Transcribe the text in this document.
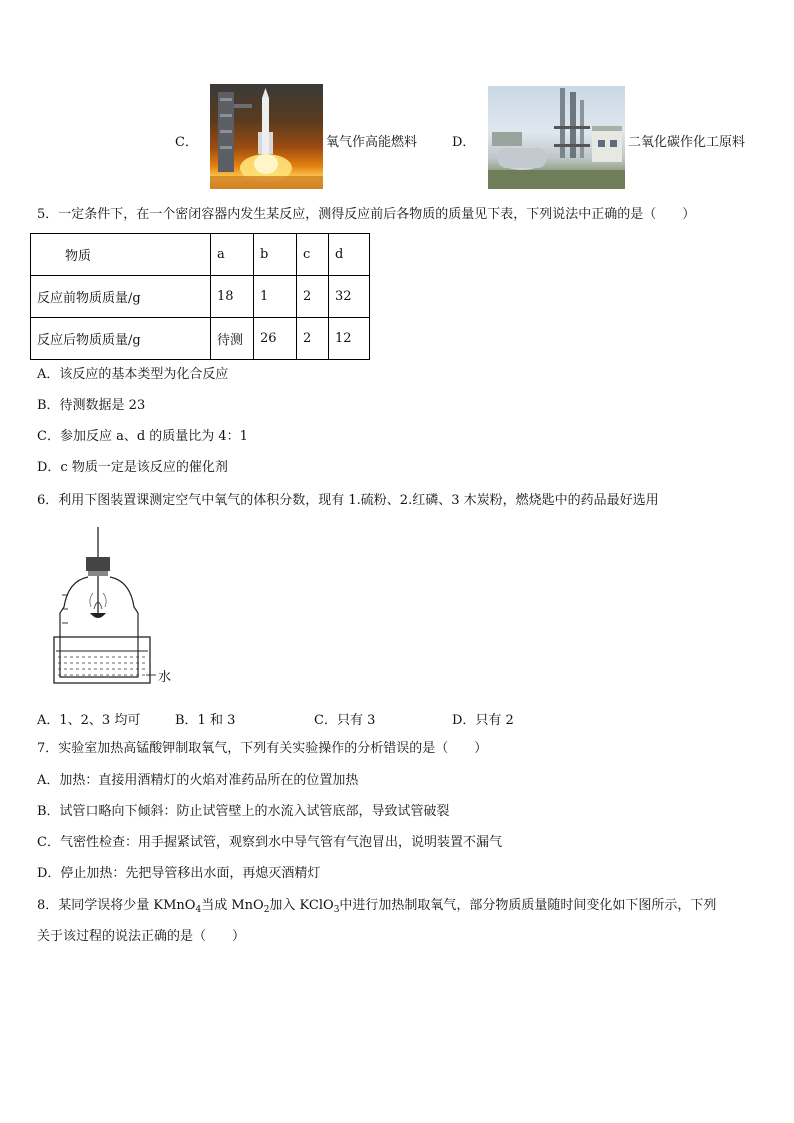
C．	氧气作高能燃料	D．	二氧化碳作化工原料
5．一定条件下，在一个密闭容器内发生某反应，测得反应前后各物质的质量见下表，下列说法中正确的是（　　）
物质	a	b	c	d
反应前物质质量/g	18	1	2	32
反应后物质质量/g	待测	26	2	12
A．该反应的基本类型为化合反应
B．待测数据是 23
C．参加反应 a、d 的质量比为 4：1
D．c 物质一定是该反应的催化剂
6．利用下图装置课测定空气中氧气的体积分数，现有 1.硫粉、2.红磷、3 木炭粉，燃烧匙中的药品最好选用
水
A．1、2、3 均可	B．1 和 3	C．只有 3	D．只有 2
7．实验室加热高锰酸钾制取氧气，下列有关实验操作的分析错误的是（　　）
A．加热：直接用酒精灯的火焰对准药品所在的位置加热
B．试管口略向下倾斜：防止试管壁上的水流入试管底部，导致试管破裂
C．气密性检查：用手握紧试管，观察到水中导气管有气泡冒出，说明装置不漏气
D．停止加热：先把导管移出水面，再熄灭酒精灯
8．某同学误将少量 KMnO$_4$当成 MnO$_2$加入 KClO$_3$中进行加热制取氧气，部分物质质量随时间变化如下图所示，下列
关于该过程的说法正确的是（　　）
